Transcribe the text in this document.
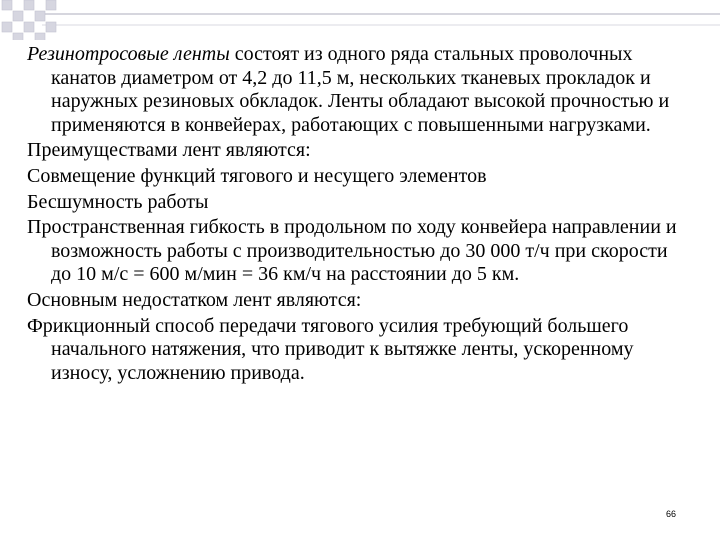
Резинотросовые ленты состоят из одного ряда стальных проволочных канатов диаметром от 4,2 до 11,5 м, нескольких тканевых прокладок и наружных резиновых обкладок. Ленты обладают высокой прочностью и применяются в конвейерах, работающих с повышенными нагрузками.

Преимуществами лент являются:

Совмещение функций тягового и несущего элементов

Бесшумность работы

Пространственная гибкость в продольном по ходу конвейера направлении и возможность работы с производительностью до 30 000 т/ч при скорости до 10 м/с = 600 м/мин = 36 км/ч на расстоянии до 5 км.

Основным недостатком лент являются:

Фрикционный способ передачи тягового усилия требующий большего начального натяжения, что приводит к вытяжке ленты, ускоренному износу, усложнению привода.

66
